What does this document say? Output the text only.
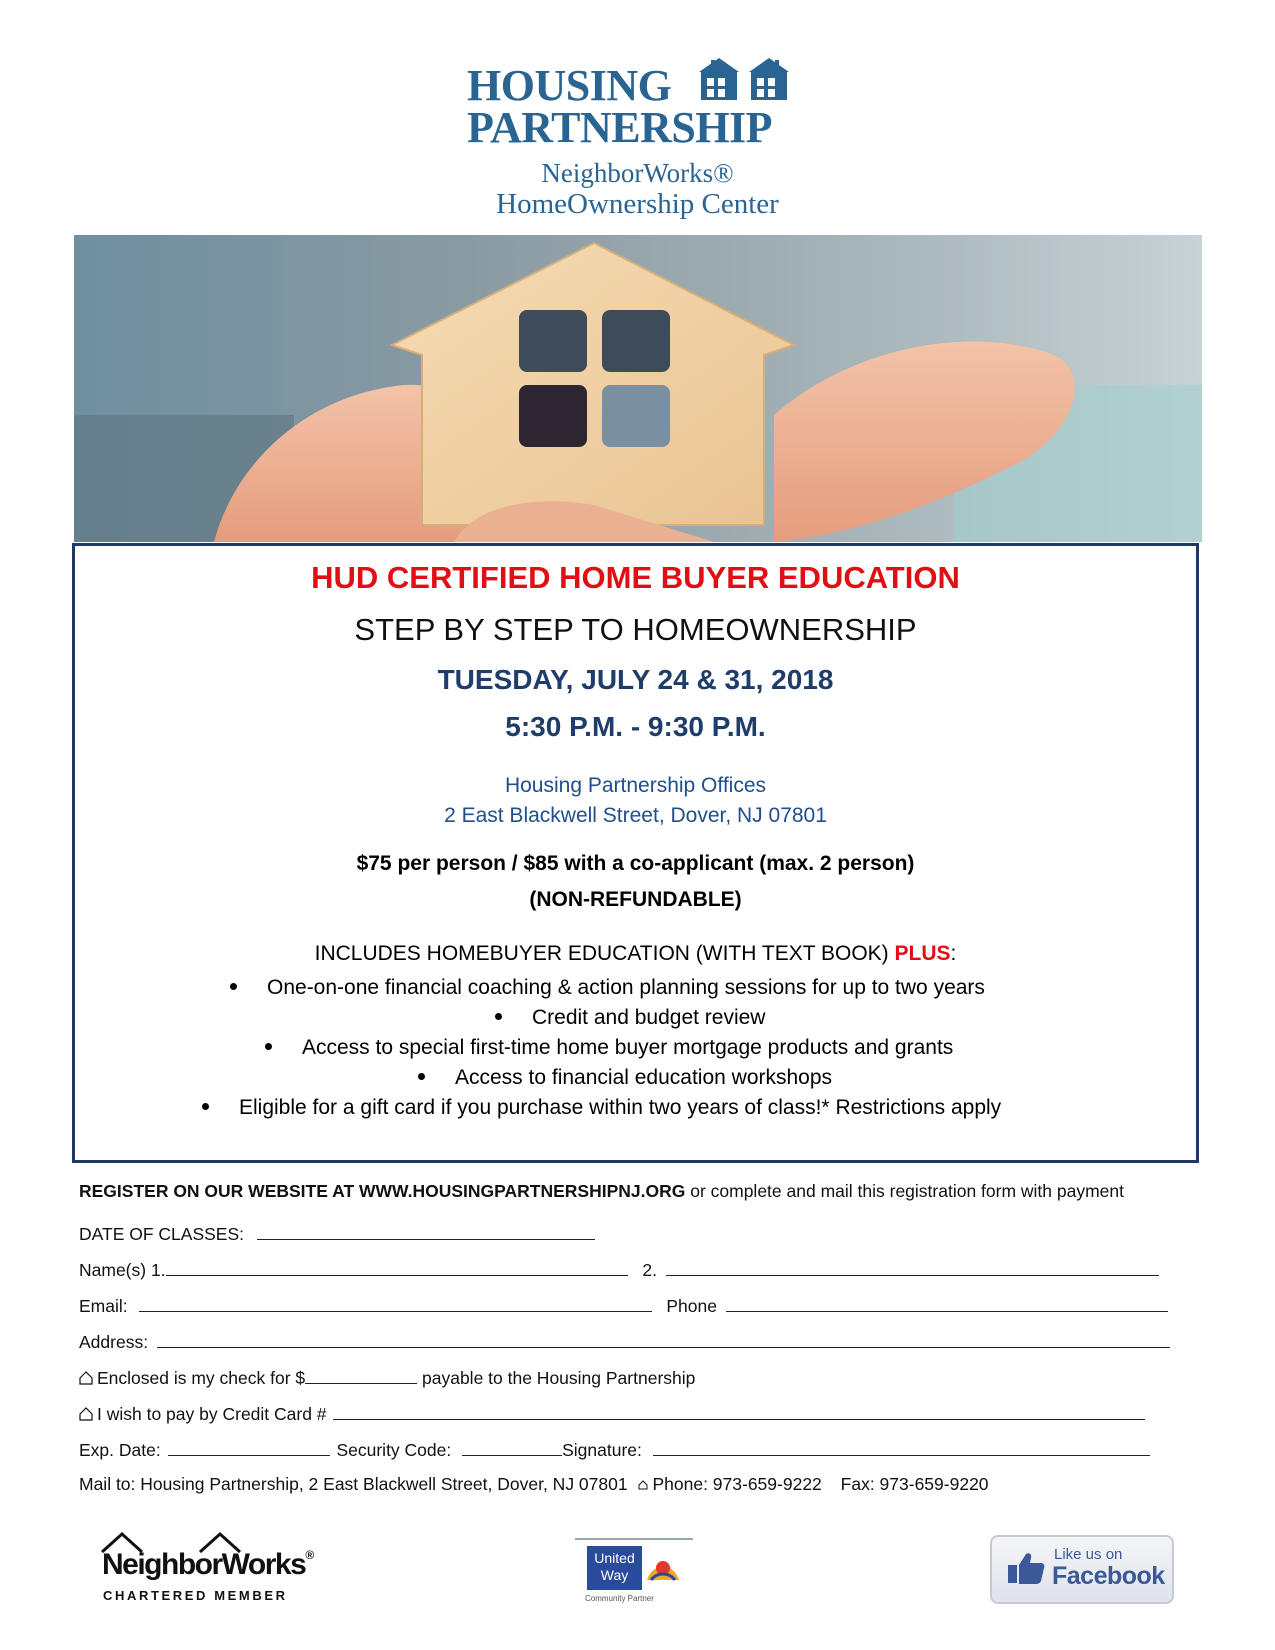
HOUSING
PARTNERSHIP
NeighborWorks®
HomeOwnership Center
HUD CERTIFIED HOME BUYER EDUCATION
STEP BY STEP TO HOMEOWNERSHIP
TUESDAY, JULY 24 & 31, 2018
5:30 P.M. - 9:30 P.M.
Housing Partnership Offices
2 East Blackwell Street, Dover, NJ 07801
$75 per person / $85 with a co-applicant (max. 2 person)
(NON-REFUNDABLE)
INCLUDES HOMEBUYER EDUCATION (WITH TEXT BOOK) PLUS:
One-on-one financial coaching & action planning sessions for up to two years
Credit and budget review
Access to special first-time home buyer mortgage products and grants
Access to financial education workshops
Eligible for a gift card if you purchase within two years of class!* Restrictions apply
REGISTER ON OUR WEBSITE AT WWW.HOUSINGPARTNERSHIPNJ.ORG or complete and mail this registration form with payment
DATE OF CLASSES:
Name(s) 1.	2.
Email:	Phone
Address:
Enclosed is my check for $	payable to the Housing Partnership
I wish to pay by Credit Card #
Exp. Date:	Security Code:	Signature:
Mail to: Housing Partnership, 2 East Blackwell Street, Dover, NJ 07801 Phone: 973-659-9222 Fax: 973-659-9220
NeighborWorks®
CHARTERED MEMBER
United
Way
Community Partner
Like us on
Facebook
